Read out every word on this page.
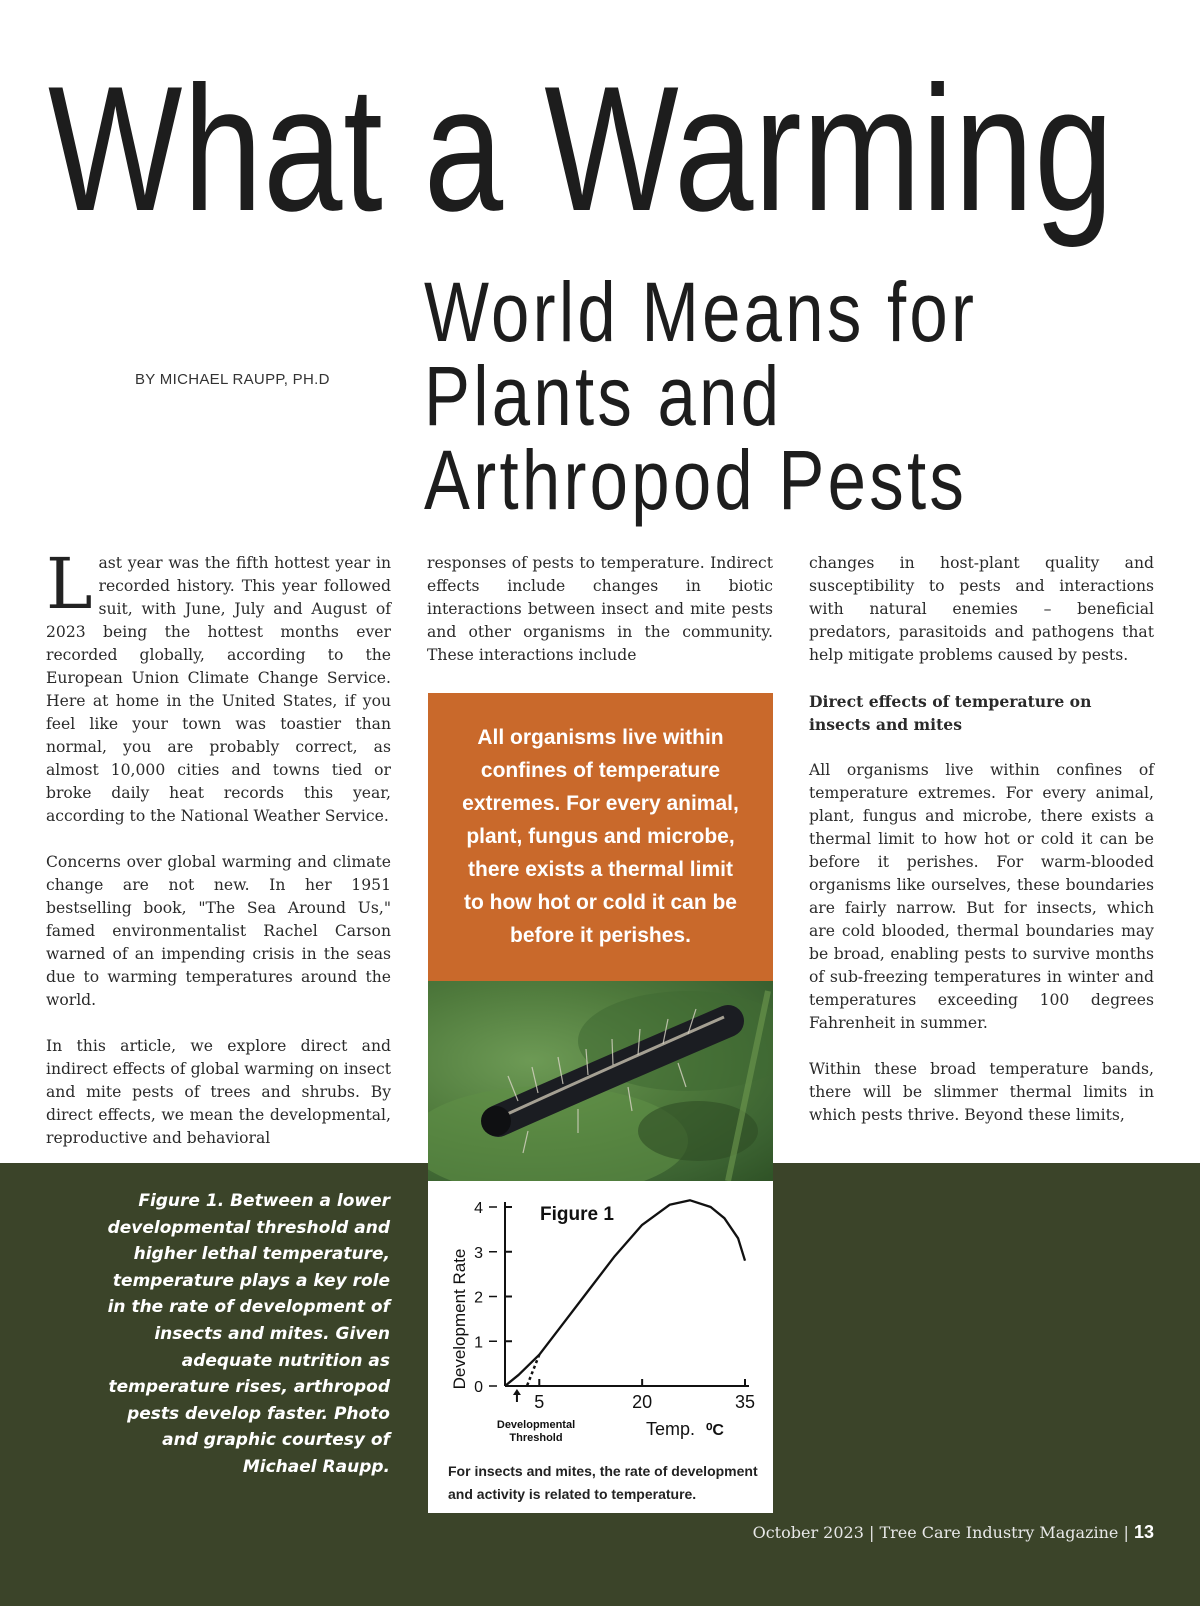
What a Warming
World Means for
Plants and
Arthropod Pests
BY MICHAEL RAUPP, PH.D

Last year was the fifth hottest year in recorded history. This year followed suit, with June, July and August of 2023 being the hottest months ever recorded globally, according to the European Union Climate Change Service. Here at home in the United States, if you feel like your town was toastier than normal, you are probably correct, as almost 10,000 cities and towns tied or broke daily heat records this year, according to the National Weather Service.

Concerns over global warming and climate change are not new. In her 1951 bestselling book, "The Sea Around Us," famed environmentalist Rachel Carson warned of an impending crisis in the seas due to warming temperatures around the world.

In this article, we explore direct and indirect effects of global warming on insect and mite pests of trees and shrubs. By direct effects, we mean the developmental, reproductive and behavioral

responses of pests to temperature. Indirect effects include changes in biotic interactions between insect and mite pests and other organisms in the community. These interactions include

changes in host-plant quality and susceptibility to pests and interactions with natural enemies – beneficial predators, parasitoids and pathogens that help mitigate problems caused by pests.

Direct effects of temperature on insects and mites

All organisms live within confines of temperature extremes. For every animal, plant, fungus and microbe, there exists a thermal limit to how hot or cold it can be before it perishes. For warm-blooded organisms like ourselves, these boundaries are fairly narrow. But for insects, which are cold blooded, thermal boundaries may be broad, enabling pests to survive months of sub-freezing temperatures in winter and temperatures exceeding 100 degrees Fahrenheit in summer.

Within these broad temperature bands, there will be slimmer thermal limits in which pests thrive. Beyond these limits,

All organisms live within confines of temperature extremes. For every animal, plant, fungus and microbe, there exists a thermal limit to how hot or cold it can be before it perishes.
Figure 1
Development Rate
Temp. ⁰C
Developmental
Threshold
0
1
2
3
4
5	20	35
For insects and mites, the rate of development and activity is related to temperature.
Figure 1. Between a lower developmental threshold and higher lethal temperature, temperature plays a key role in the rate of development of insects and mites. Given adequate nutrition as temperature rises, arthropod pests develop faster. Photo and graphic courtesy of Michael Raupp.
October 2023 | Tree Care Industry Magazine | 13
